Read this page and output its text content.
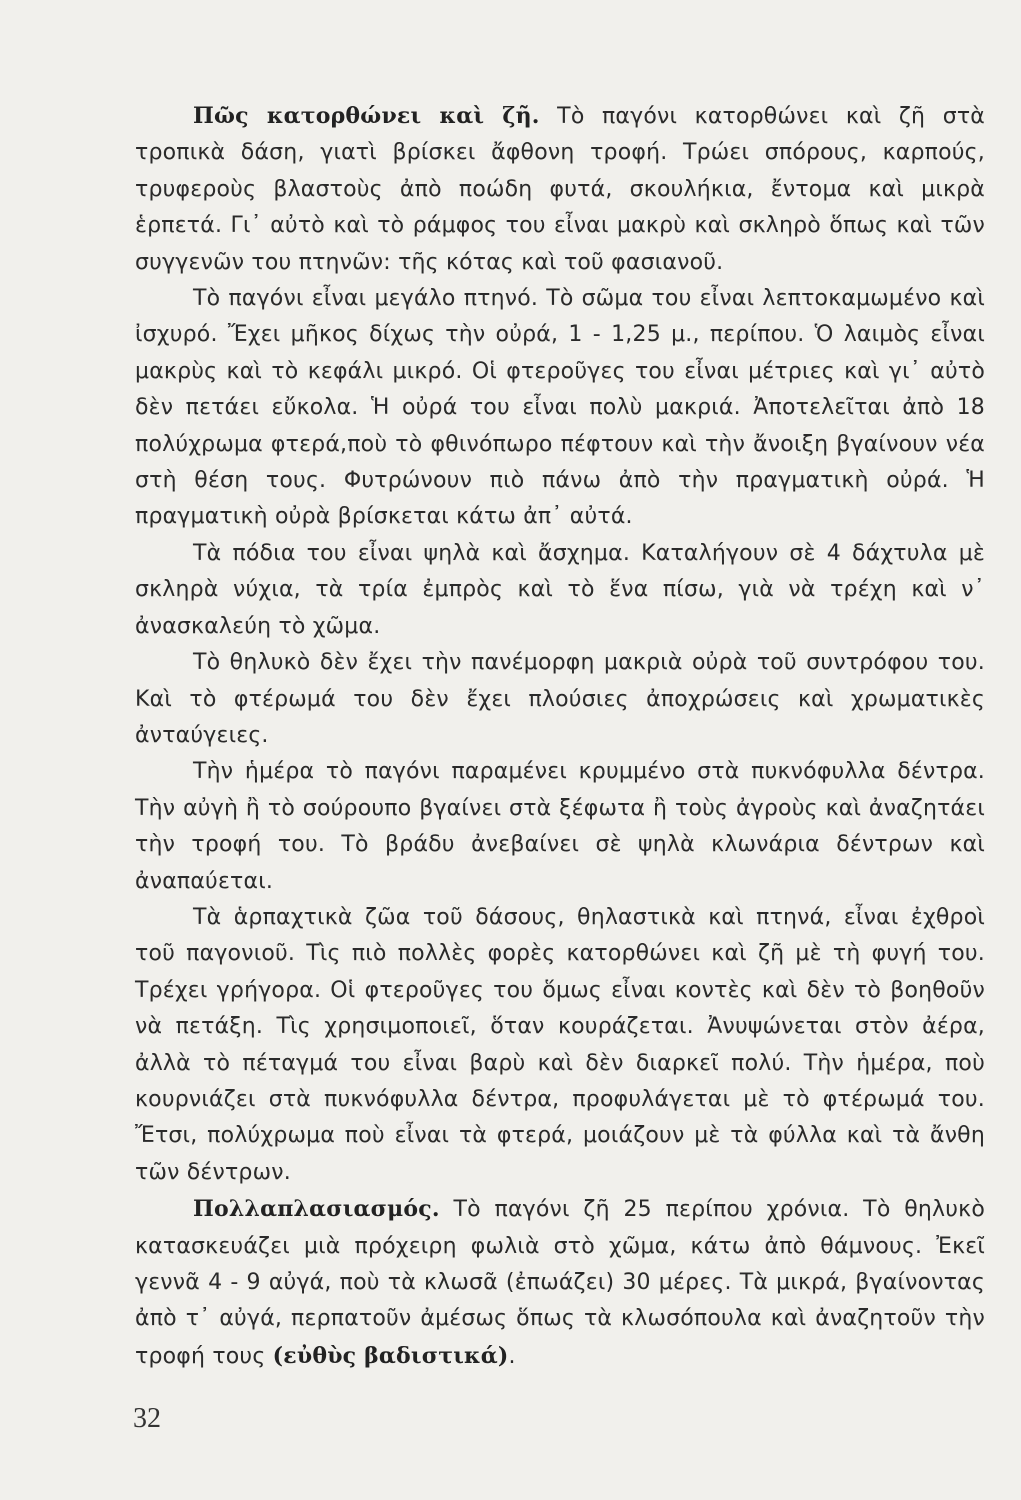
Πῶς κατορθώνει καὶ ζῆ. Τὸ παγόνι κατορθώνει καὶ ζῆ στὰ τροπικὰ δάση, γιατὶ βρίσκει ἄφθονη τροφή. Τρώει σπόρους, καρπούς, τρυφεροὺς βλαστοὺς ἀπὸ ποώδη φυτά, σκουλήκια, ἔντομα καὶ μικρὰ ἑρπετά. Γι᾿ αὐτὸ καὶ τὸ ράμφος του εἶναι μακρὺ καὶ σκληρὸ ὅπως καὶ τῶν συγγενῶν του πτηνῶν: τῆς κότας καὶ τοῦ φασιανοῦ.

Τὸ παγόνι εἶναι μεγάλο πτηνό. Τὸ σῶμα του εἶναι λεπτοκαμωμένο καὶ ἰσχυρό. Ἔχει μῆκος δίχως τὴν οὐρά, 1 - 1,25 μ., περίπου. Ὁ λαιμὸς εἶναι μακρὺς καὶ τὸ κεφάλι μικρό. Οἱ φτεροῦγες του εἶναι μέτριες καὶ γι᾿ αὐτὸ δὲν πετάει εὔκολα. Ἡ οὐρά του εἶναι πολὺ μακριά. Ἀποτελεῖται ἀπὸ 18 πολύχρωμα φτερά,ποὺ τὸ φθινόπωρο πέφτουν καὶ τὴν ἄνοιξη βγαίνουν νέα στὴ θέση τους. Φυτρώνουν πιὸ πάνω ἀπὸ τὴν πραγματικὴ οὐρά. Ἡ πραγματικὴ οὐρὰ βρίσκεται κάτω ἀπ᾿ αὐτά.

Τὰ πόδια του εἶναι ψηλὰ καὶ ἄσχημα. Καταλήγουν σὲ 4 δάχτυλα μὲ σκληρὰ νύχια, τὰ τρία ἐμπρὸς καὶ τὸ ἕνα πίσω, γιὰ νὰ τρέχη καὶ ν᾿ ἀνασκαλεύη τὸ χῶμα.

Τὸ θηλυκὸ δὲν ἔχει τὴν πανέμορφη μακριὰ οὐρὰ τοῦ συντρόφου του. Καὶ τὸ φτέρωμά του δὲν ἔχει πλούσιες ἀποχρώσεις καὶ χρωματικὲς ἀνταύγειες.

Τὴν ἡμέρα τὸ παγόνι παραμένει κρυμμένο στὰ πυκνόφυλλα δέντρα. Τὴν αὐγὴ ἢ τὸ σούρουπο βγαίνει στὰ ξέφωτα ἢ τοὺς ἀγροὺς καὶ ἀναζητάει τὴν τροφή του. Τὸ βράδυ ἀνεβαίνει σὲ ψηλὰ κλωνάρια δέντρων καὶ ἀναπαύεται.

Τὰ ἁρπαχτικὰ ζῶα τοῦ δάσους, θηλαστικὰ καὶ πτηνά, εἶναι ἐχθροὶ τοῦ παγονιοῦ. Τὶς πιὸ πολλὲς φορὲς κατορθώνει καὶ ζῆ μὲ τὴ φυγή του. Τρέχει γρήγορα. Οἱ φτεροῦγες του ὅμως εἶναι κοντὲς καὶ δὲν τὸ βοηθοῦν νὰ πετάξη. Τὶς χρησιμοποιεῖ, ὅταν κουράζεται. Ἀνυψώνεται στὸν ἀέρα, ἀλλὰ τὸ πέταγμά του εἶναι βαρὺ καὶ δὲν διαρκεῖ πολύ. Τὴν ἡμέρα, ποὺ κουρνιάζει στὰ πυκνόφυλλα δέντρα, προφυλάγεται μὲ τὸ φτέρωμά του. Ἔτσι, πολύχρωμα ποὺ εἶναι τὰ φτερά, μοιάζουν μὲ τὰ φύλλα καὶ τὰ ἄνθη τῶν δέντρων.

Πολλαπλασιασμός. Τὸ παγόνι ζῆ 25 περίπου χρόνια. Τὸ θηλυκὸ κατασκευάζει μιὰ πρόχειρη φωλιὰ στὸ χῶμα, κάτω ἀπὸ θάμνους. Ἐκεῖ γεννᾶ 4 - 9 αὐγά, ποὺ τὰ κλωσᾶ (ἐπωάζει) 30 μέρες. Τὰ μικρά, βγαίνοντας ἀπὸ τ᾿ αὐγά, περπατοῦν ἀμέσως ὅπως τὰ κλωσόπουλα καὶ ἀναζητοῦν τὴν τροφή τους (εὐθὺς βαδιστικά).

32
